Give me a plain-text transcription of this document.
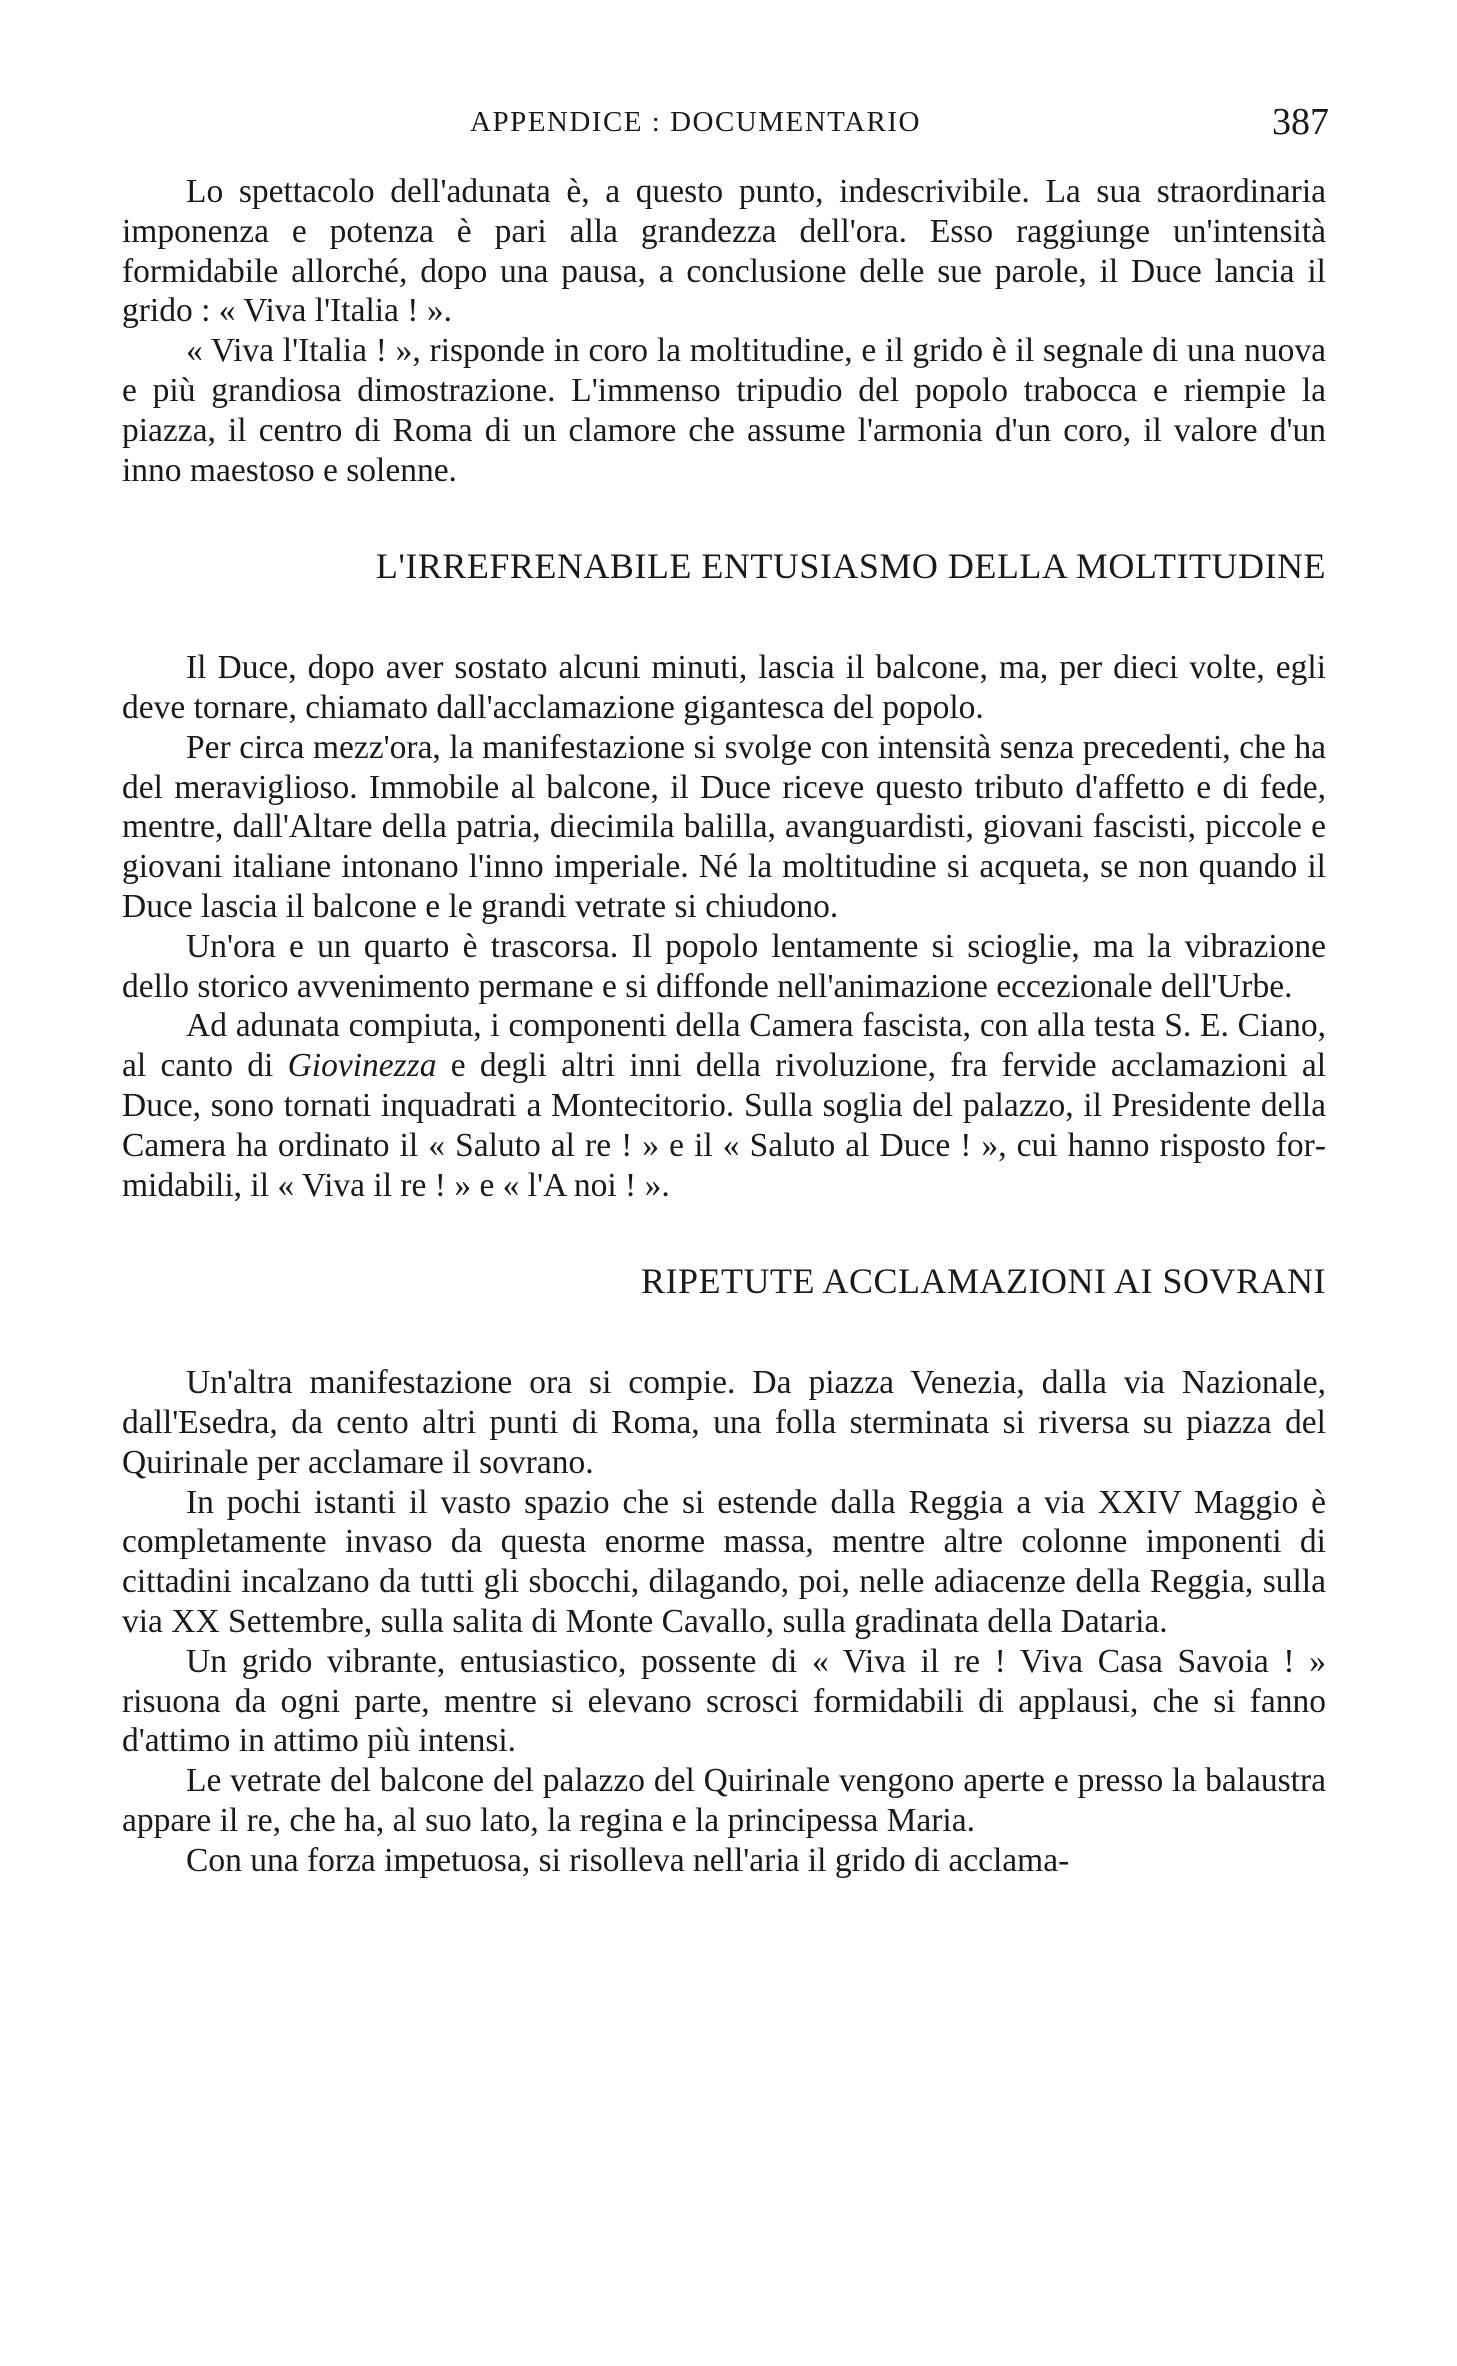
APPENDICE : DOCUMENTARIO	387

Lo spettacolo dell'adunata è, a questo punto, indescrivibile. La sua straordinaria imponenza e potenza è pari alla grandezza dell'ora. Esso raggiunge un'intensità formidabile allorché, dopo una pausa, a conclusione delle sue parole, il Duce lancia il grido : « Viva l'Italia ! ».

« Viva l'Italia ! », risponde in coro la moltitudine, e il grido è il segnale di una nuova e più grandiosa dimostrazione. L'immenso tripudio del popolo trabocca e riempie la piazza, il centro di Roma di un clamore che assume l'armonia d'un coro, il valore d'un inno maestoso e solenne.

L'IRREFRENABILE ENTUSIASMO DELLA MOLTITUDINE

Il Duce, dopo aver sostato alcuni minuti, lascia il balcone, ma, per dieci volte, egli deve tornare, chiamato dall'acclamazione gigantesca del popolo.

Per circa mezz'ora, la manifestazione si svolge con intensità senza precedenti, che ha del meraviglioso. Immobile al balcone, il Duce riceve questo tributo d'affetto e di fede, mentre, dall'Altare della patria, diecimila balilla, avanguardisti, giovani fascisti, piccole e giovani italiane intonano l'inno imperiale. Né la moltitudine si acqueta, se non quando il Duce lascia il balcone e le grandi vetrate si chiudono.

Un'ora e un quarto è trascorsa. Il popolo lentamente si scioglie, ma la vibrazione dello storico avvenimento permane e si diffonde nell'animazione eccezionale dell'Urbe.

Ad adunata compiuta, i componenti della Camera fascista, con alla testa S. E. Ciano, al canto di Giovinezza e degli altri inni della rivoluzione, fra fervide acclamazioni al Duce, sono tornati inquadrati a Montecitorio. Sulla soglia del palazzo, il Presidente della Camera ha ordinato il « Saluto al re ! » e il « Saluto al Duce ! », cui hanno risposto formidabili, il « Viva il re ! » e « l'A noi ! ».

RIPETUTE ACCLAMAZIONI AI SOVRANI

Un'altra manifestazione ora si compie. Da piazza Venezia, dalla via Nazionale, dall'Esedra, da cento altri punti di Roma, una folla sterminata si riversa su piazza del Quirinale per acclamare il sovrano.

In pochi istanti il vasto spazio che si estende dalla Reggia a via XXIV Maggio è completamente invaso da questa enorme massa, mentre altre colonne imponenti di cittadini incalzano da tutti gli sbocchi, dilagando, poi, nelle adiacenze della Reggia, sulla via XX Settembre, sulla salita di Monte Cavallo, sulla gradinata della Dataria.

Un grido vibrante, entusiastico, possente di « Viva il re ! Viva Casa Savoia ! » risuona da ogni parte, mentre si elevano scrosci formidabili di applausi, che si fanno d'attimo in attimo più intensi.

Le vetrate del balcone del palazzo del Quirinale vengono aperte e presso la balaustra appare il re, che ha, al suo lato, la regina e la principessa Maria.

Con una forza impetuosa, si risolleva nell'aria il grido di acclama-
